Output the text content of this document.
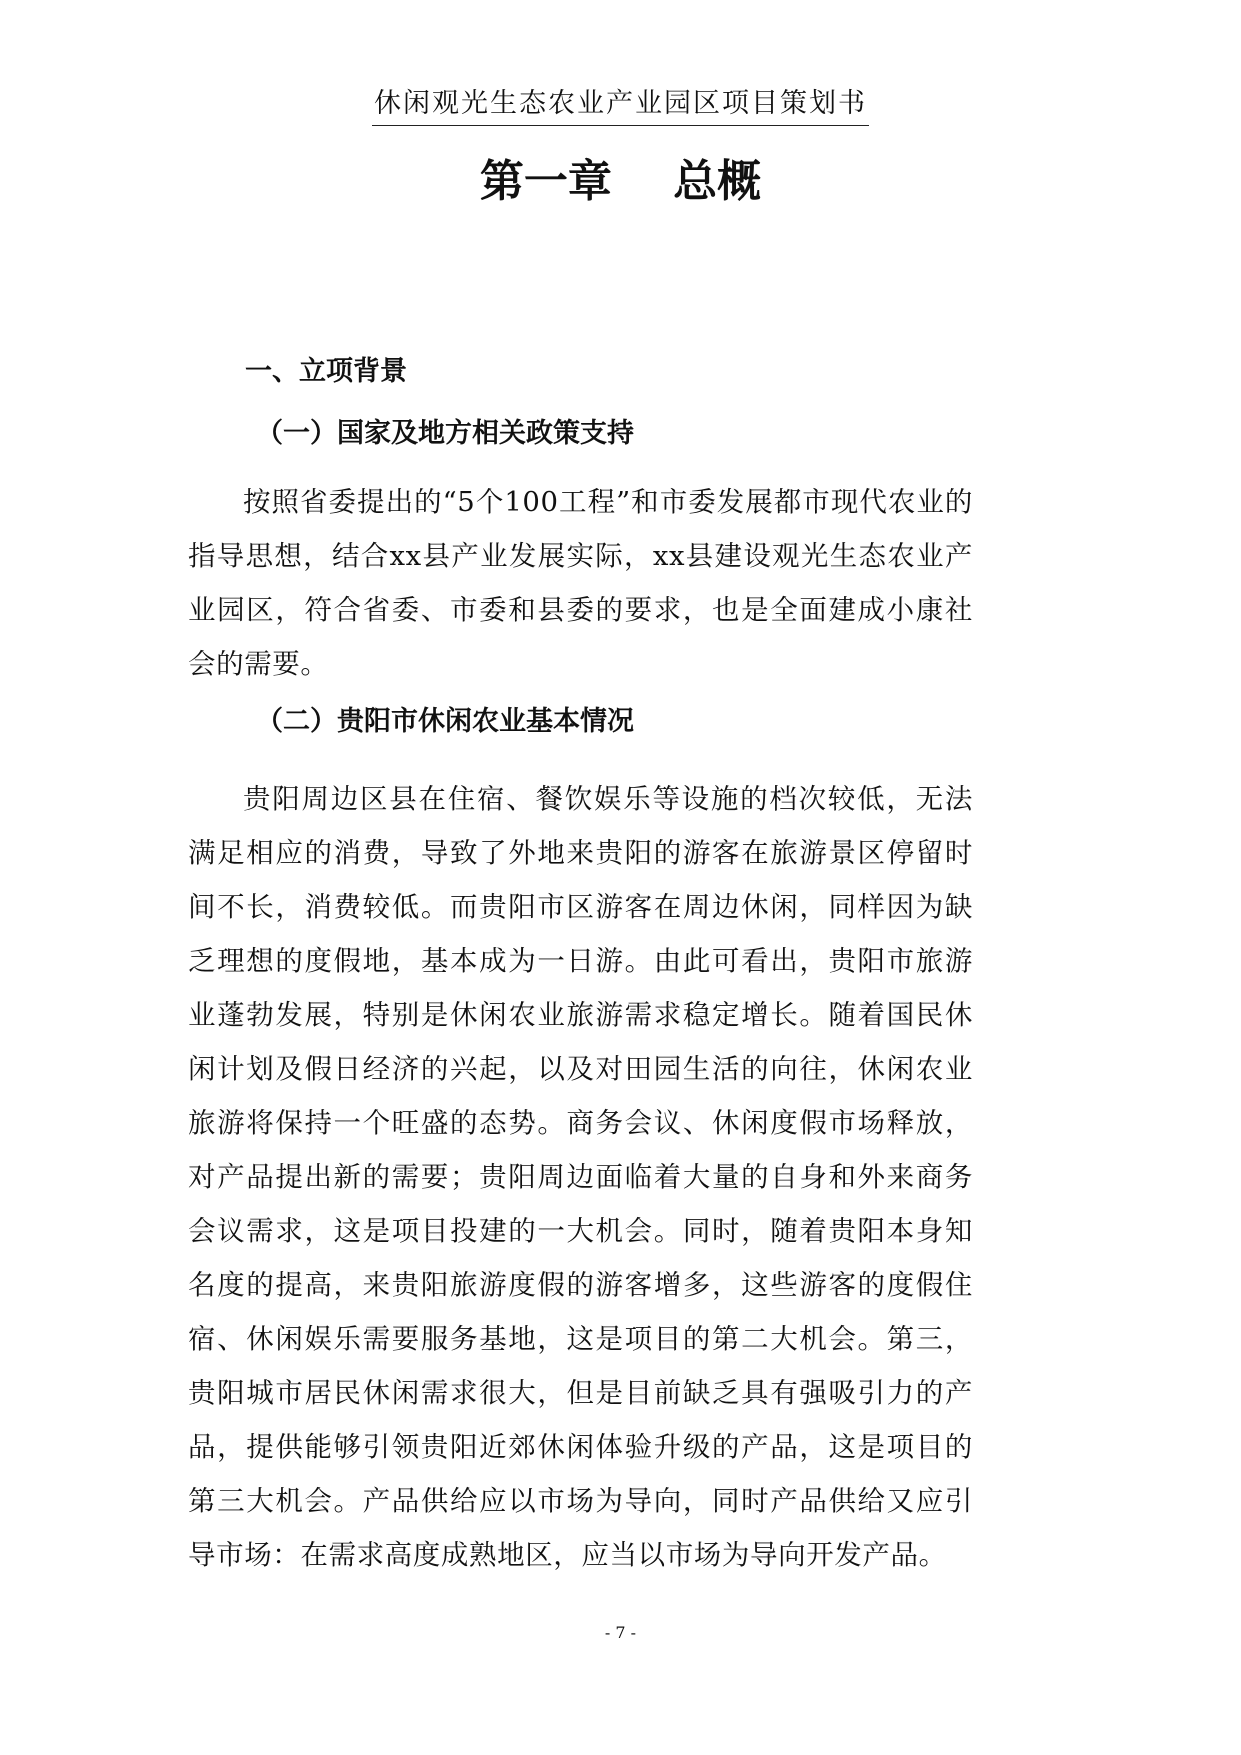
休闲观光生态农业产业园区项目策划书
第一章    总概
一、立项背景
（一）国家及地方相关政策支持

按照省委提出的“5个100工程”和市委发展都市现代农业的指导思想，结合xx县产业发展实际，xx县建设观光生态农业产业园区，符合省委、市委和县委的要求，也是全面建成小康社会的需要。

（二）贵阳市休闲农业基本情况

贵阳周边区县在住宿、餐饮娱乐等设施的档次较低，无法满足相应的消费，导致了外地来贵阳的游客在旅游景区停留时间不长，消费较低。而贵阳市区游客在周边休闲，同样因为缺乏理想的度假地，基本成为一日游。由此可看出，贵阳市旅游业蓬勃发展，特别是休闲农业旅游需求稳定增长。随着国民休闲计划及假日经济的兴起，以及对田园生活的向往，休闲农业旅游将保持一个旺盛的态势。商务会议、休闲度假市场释放，对产品提出新的需要；贵阳周边面临着大量的自身和外来商务会议需求，这是项目投建的一大机会。同时，随着贵阳本身知名度的提高，来贵阳旅游度假的游客增多，这些游客的度假住宿、休闲娱乐需要服务基地，这是项目的第二大机会。第三，贵阳城市居民休闲需求很大，但是目前缺乏具有强吸引力的产品，提供能够引领贵阳近郊休闲体验升级的产品，这是项目的第三大机会。产品供给应以市场为导向，同时产品供给又应引导市场：在需求高度成熟地区，应当以市场为导向开发产品。

- 7 -
